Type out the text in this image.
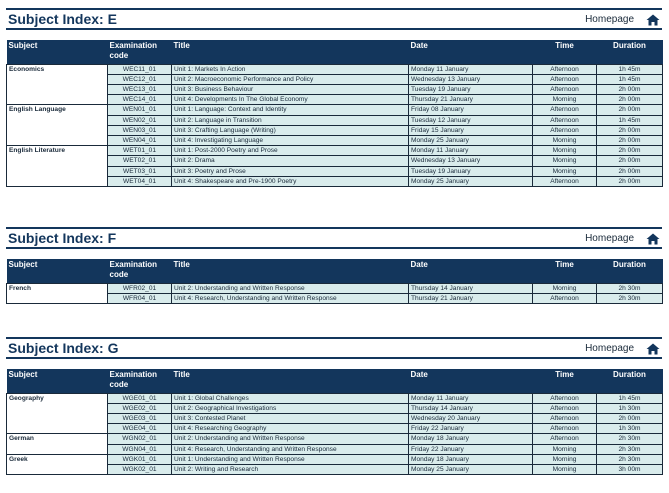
Subject Index: E	Homepage
Subject	Examination code	Title	Date	Time	Duration
Economics	WEC11_01	Unit 1: Markets In Action	Monday 11 January	Afternoon	1h 45m
	WEC12_01	Unit 2: Macroeconomic Performance and Policy	Wednesday 13 January	Afternoon	1h 45m
	WEC13_01	Unit 3: Business Behaviour	Tuesday 19 January	Afternoon	2h 00m
	WEC14_01	Unit 4: Developments In The Global Economy	Thursday 21 January	Morning	2h 00m
English Language	WEN01_01	Unit 1: Language: Context and Identity	Friday 08 January	Afternoon	2h 00m
	WEN02_01	Unit 2: Language in Transition	Tuesday 12 January	Afternoon	1h 45m
	WEN03_01	Unit 3: Crafting Language (Writing)	Friday 15 January	Afternoon	2h 00m
	WEN04_01	Unit 4: Investigating Language	Monday 25 January	Morning	2h 00m
English Literature	WET01_01	Unit 1: Post-2000 Poetry and Prose	Monday 11 January	Morning	2h 00m
	WET02_01	Unit 2: Drama	Wednesday 13 January	Morning	2h 00m
	WET03_01	Unit 3: Poetry and Prose	Tuesday 19 January	Morning	2h 00m
	WET04_01	Unit 4: Shakespeare and Pre-1900 Poetry	Monday 25 January	Afternoon	2h 00m
Subject Index: F	Homepage
Subject	Examination code	Title	Date	Time	Duration
French	WFR02_01	Unit 2: Understanding and Written Response	Thursday 14 January	Morning	2h 30m
	WFR04_01	Unit 4: Research, Understanding and Written Response	Thursday 21 January	Afternoon	2h 30m
Subject Index: G	Homepage
Subject	Examination code	Title	Date	Time	Duration
Geography	WGE01_01	Unit 1: Global Challenges	Monday 11 January	Afternoon	1h 45m
	WGE02_01	Unit 2: Geographical Investigations	Thursday 14 January	Afternoon	1h 30m
	WGE03_01	Unit 3: Contested Planet	Wednesday 20 January	Afternoon	2h 00m
	WGE04_01	Unit 4: Researching Geography	Friday 22 January	Afternoon	1h 30m
German	WGN02_01	Unit 2: Understanding and Written Response	Monday 18 January	Afternoon	2h 30m
	WGN04_01	Unit 4: Research, Understanding and Written Response	Friday 22 January	Morning	2h 30m
Greek	WGK01_01	Unit 1: Understanding and Written Response	Monday 18 January	Morning	2h 30m
	WGK02_01	Unit 2: Writing and Research	Monday 25 January	Morning	3h 00m
